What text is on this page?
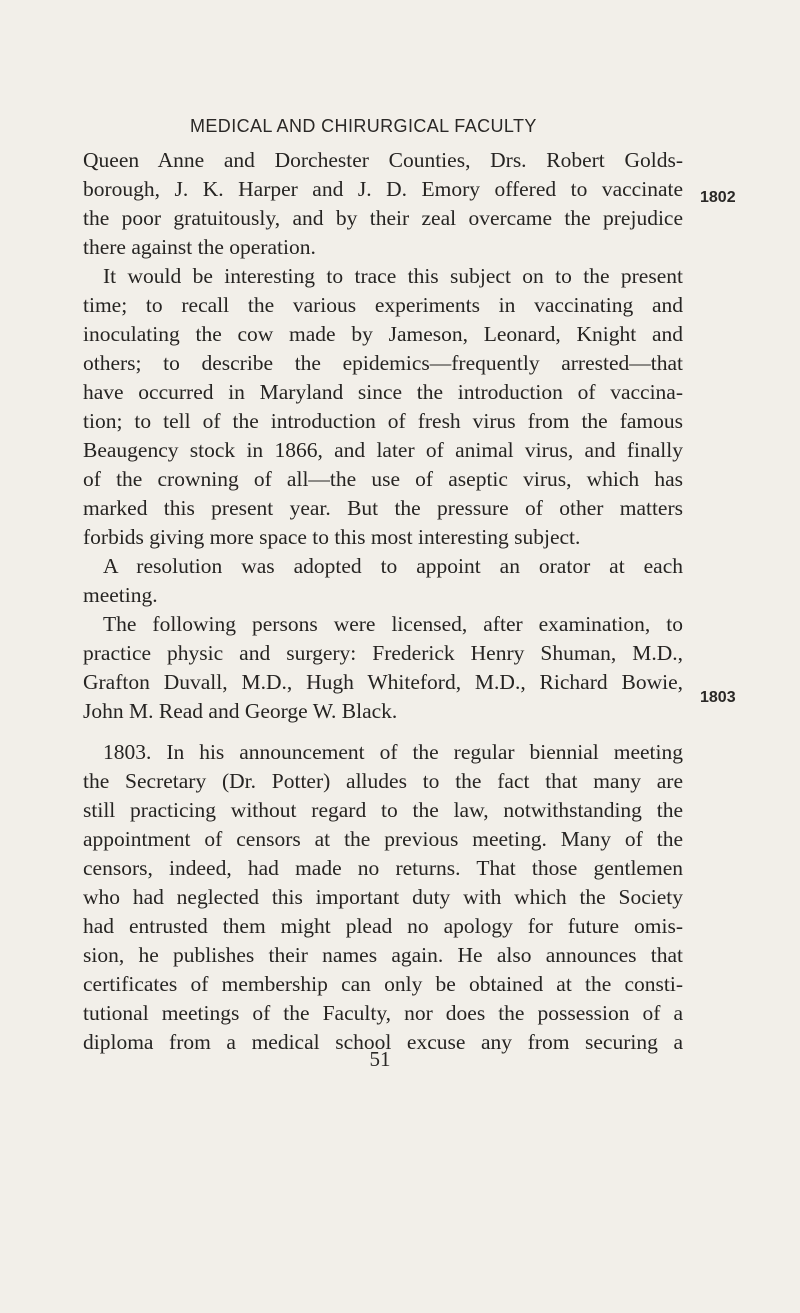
MEDICAL AND CHIRURGICAL FACULTY
Queen Anne and Dorchester Counties, Drs. Robert Golds-
borough, J. K. Harper and J. D. Emory offered to vaccinate
the poor gratuitously, and by their zeal overcame the prejudice
there against the operation.
It would be interesting to trace this subject on to the present
time; to recall the various experiments in vaccinating and
inoculating the cow made by Jameson, Leonard, Knight and
others; to describe the epidemics—frequently arrested—that
have occurred in Maryland since the introduction of vaccina-
tion; to tell of the introduction of fresh virus from the famous
Beaugency stock in 1866, and later of animal virus, and finally
of the crowning of all—the use of aseptic virus, which has
marked this present year. But the pressure of other matters
forbids giving more space to this most interesting subject.
A resolution was adopted to appoint an orator at each
meeting.
The following persons were licensed, after examination, to
practice physic and surgery: Frederick Henry Shuman, M.D.,
Grafton Duvall, M.D., Hugh Whiteford, M.D., Richard Bowie,
John M. Read and George W. Black.
1803. In his announcement of the regular biennial meeting
the Secretary (Dr. Potter) alludes to the fact that many are
still practicing without regard to the law, notwithstanding the
appointment of censors at the previous meeting. Many of the
censors, indeed, had made no returns. That those gentlemen
who had neglected this important duty with which the Society
had entrusted them might plead no apology for future omis-
sion, he publishes their names again. He also announces that
certificates of membership can only be obtained at the consti-
tutional meetings of the Faculty, nor does the possession of a
diploma from a medical school excuse any from securing a
1802
1803
51
